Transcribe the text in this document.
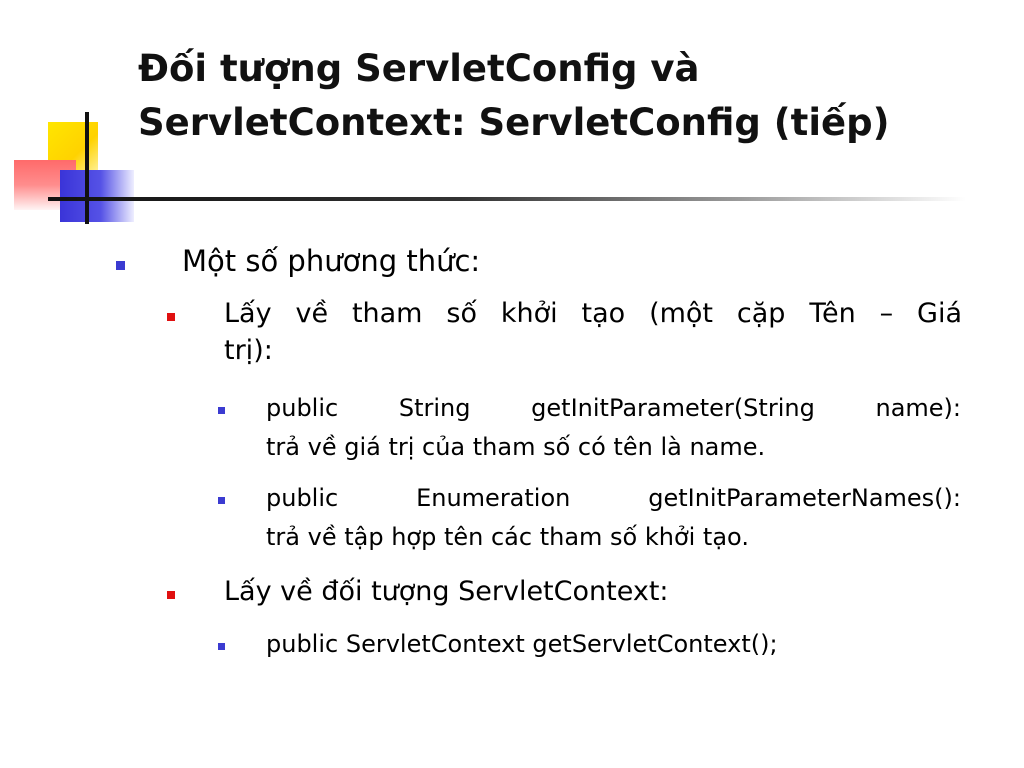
Đối tượng ServletConfig và
ServletContext: ServletConfig (tiếp)
Một số phương thức:
Lấy về tham số khởi tạo (một cặp Tên – Giá
trị):
public String getInitParameter(String name):
trả về giá trị của tham số có tên là name.
public Enumeration getInitParameterNames():
trả về tập hợp tên các tham số khởi tạo.
Lấy về đối tượng ServletContext:
public ServletContext getServletContext();
